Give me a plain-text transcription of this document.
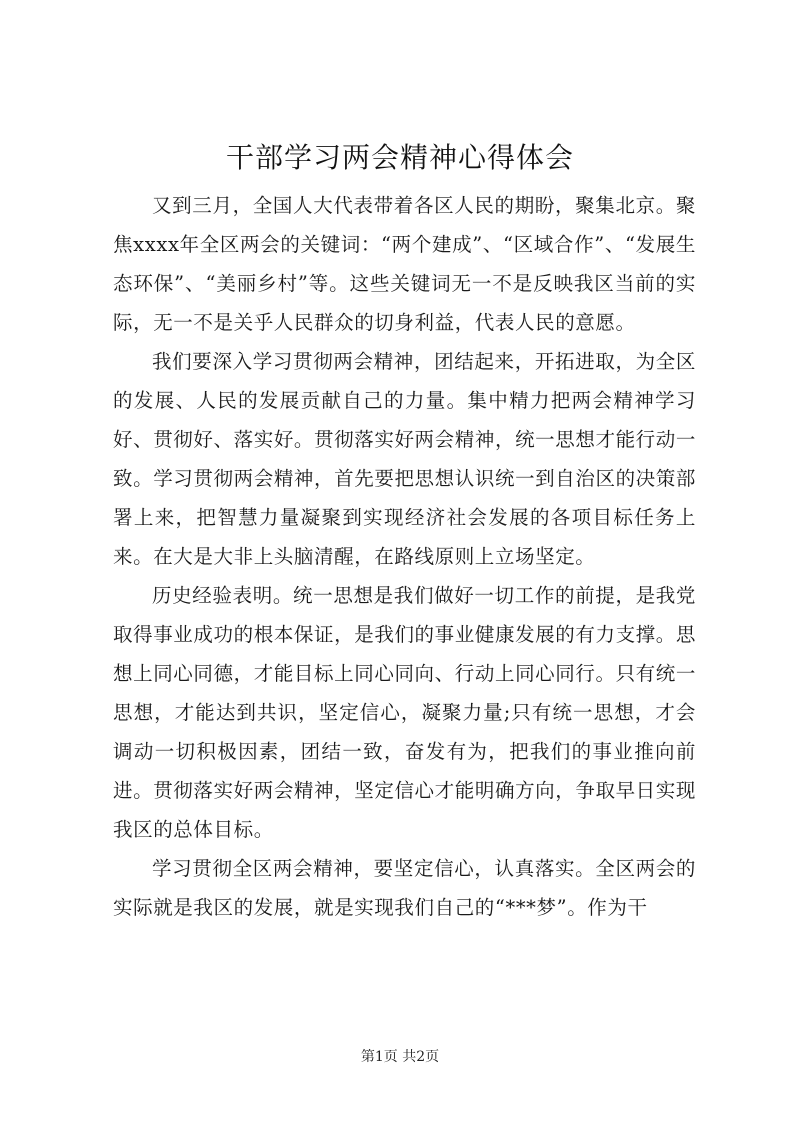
干部学习两会精神心得体会

又到三月，全国人大代表带着各区人民的期盼，聚集北京。聚焦xxxx年全区两会的关键词：“两个建成”、“区域合作”、“发展生态环保”、“美丽乡村”等。这些关键词无一不是反映我区当前的实际，无一不是关乎人民群众的切身利益，代表人民的意愿。

我们要深入学习贯彻两会精神，团结起来，开拓进取，为全区的发展、人民的发展贡献自己的力量。集中精力把两会精神学习好、贯彻好、落实好。贯彻落实好两会精神，统一思想才能行动一致。学习贯彻两会精神，首先要把思想认识统一到自治区的决策部署上来，把智慧力量凝聚到实现经济社会发展的各项目标任务上来。在大是大非上头脑清醒，在路线原则上立场坚定。

历史经验表明。统一思想是我们做好一切工作的前提，是我党取得事业成功的根本保证，是我们的事业健康发展的有力支撑。思想上同心同德，才能目标上同心同向、行动上同心同行。只有统一思想，才能达到共识，坚定信心，凝聚力量;只有统一思想，才会调动一切积极因素，团结一致，奋发有为，把我们的事业推向前进。贯彻落实好两会精神，坚定信心才能明确方向，争取早日实现我区的总体目标。

学习贯彻全区两会精神，要坚定信心，认真落实。全区两会的实际就是我区的发展，就是实现我们自己的“***梦”。作为干

第1页 共2页
